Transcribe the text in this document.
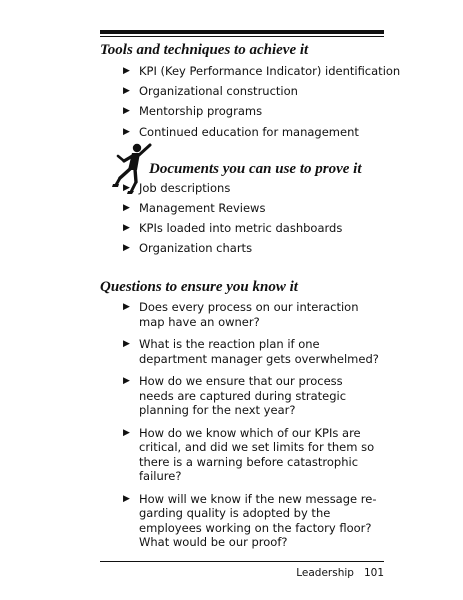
Tools and techniques to achieve it
▶ KPI (Key Performance Indicator) identification
▶ Organizational construction
▶ Mentorship programs
▶ Continued education for management
Documents you can use to prove it
▶ Job descriptions
▶ Management Reviews
▶ KPIs loaded into metric dashboards
▶ Organization charts
Questions to ensure you know it
▶ Does every process on our interaction map have an owner?
▶ What is the reaction plan if one department manager gets overwhelmed?
▶ How do we ensure that our process needs are captured during strategic planning for the next year?
▶ How do we know which of our KPIs are critical, and did we set limits for them so there is a warning before catastrophic failure?
▶ How will we know if the new message re-garding quality is adopted by the employees working on the factory floor? What would be our proof?
Leadership 101
